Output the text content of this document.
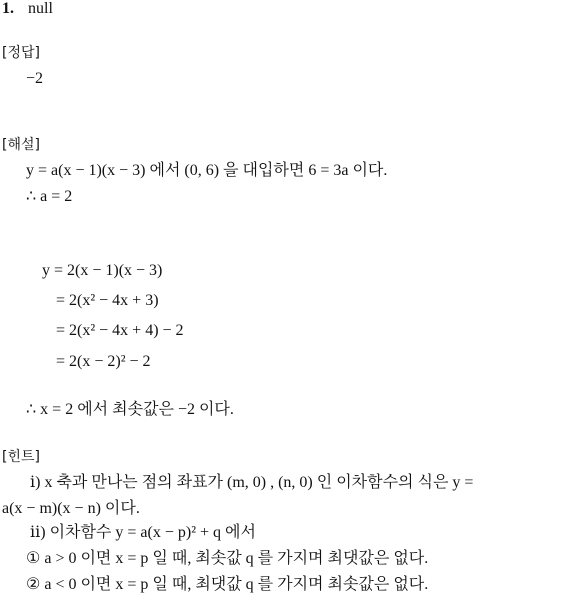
1. null
[정답]
−2
[해설]
y = a(x − 1)(x − 3) 에서 (0, 6) 을 대입하면 6 = 3a 이다.
∴ a = 2
y = 2(x − 1)(x − 3)
= 2(x² − 4x + 3)
= 2(x² − 4x + 4) − 2
= 2(x − 2)² − 2
∴ x = 2 에서 최솟값은 −2 이다.
[힌트]
ⅰ) x 축과 만나는 점의 좌표가 (m, 0) , (n, 0) 인 이차함수의 식은 y =
a(x − m)(x − n) 이다.
ⅱ) 이차함수 y = a(x − p)² + q 에서
① a > 0 이면 x = p 일 때, 최솟값 q 를 가지며 최댓값은 없다.
② a < 0 이면 x = p 일 때, 최댓값 q 를 가지며 최솟값은 없다.
